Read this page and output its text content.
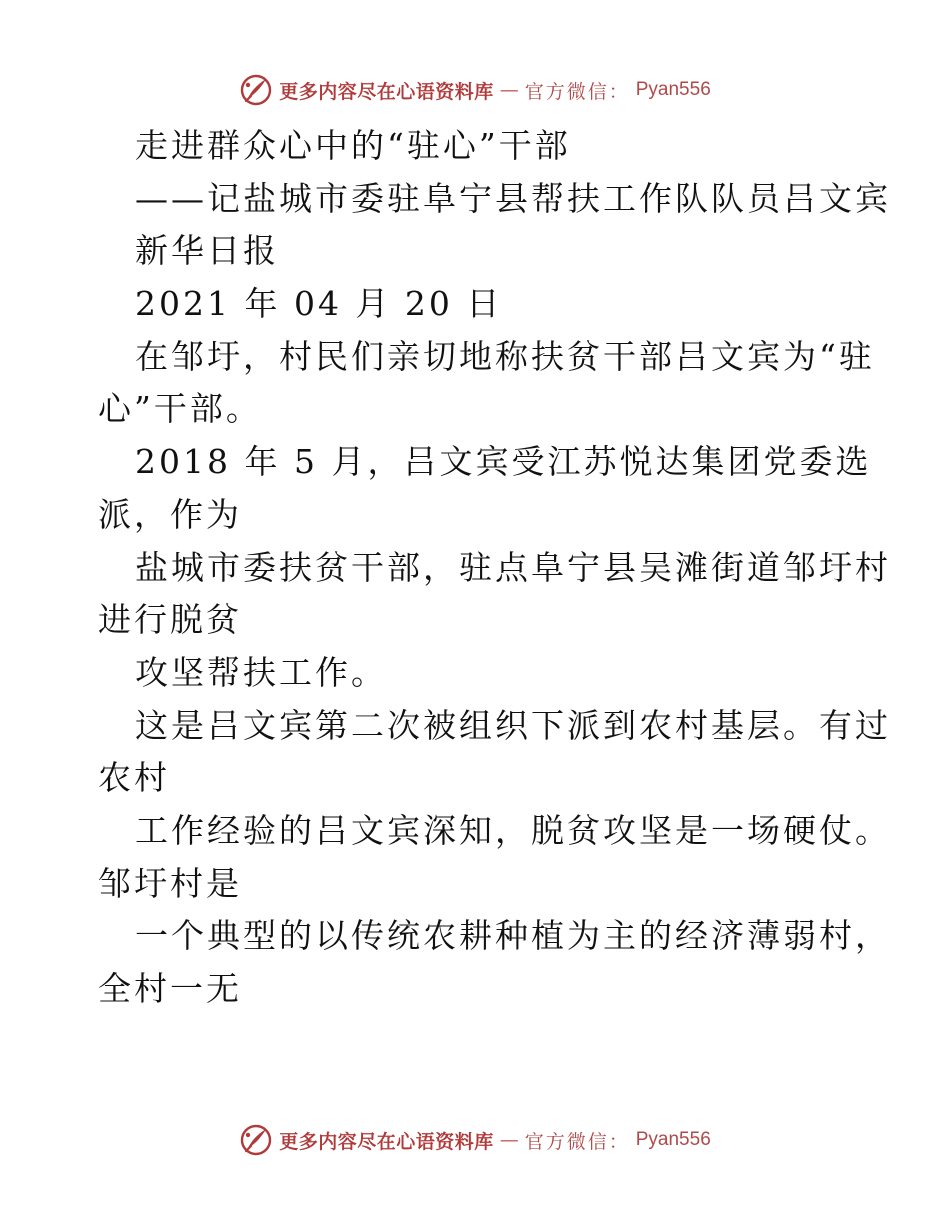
更多内容尽在心语资料库 — 官方微信： Pyan556
走进群众心中的“驻心”干部
——记盐城市委驻阜宁县帮扶工作队队员吕文宾
新华日报
2021 年 04 月 20 日
在邹圩，村民们亲切地称扶贫干部吕文宾为“驻
心”干部。
2018 年 5 月，吕文宾受江苏悦达集团党委选
派，作为
盐城市委扶贫干部，驻点阜宁县吴滩街道邹圩村
进行脱贫
攻坚帮扶工作。
这是吕文宾第二次被组织下派到农村基层。有过
农村
工作经验的吕文宾深知，脱贫攻坚是一场硬仗。
邹圩村是
一个典型的以传统农耕种植为主的经济薄弱村，
全村一无
更多内容尽在心语资料库 — 官方微信： Pyan556
